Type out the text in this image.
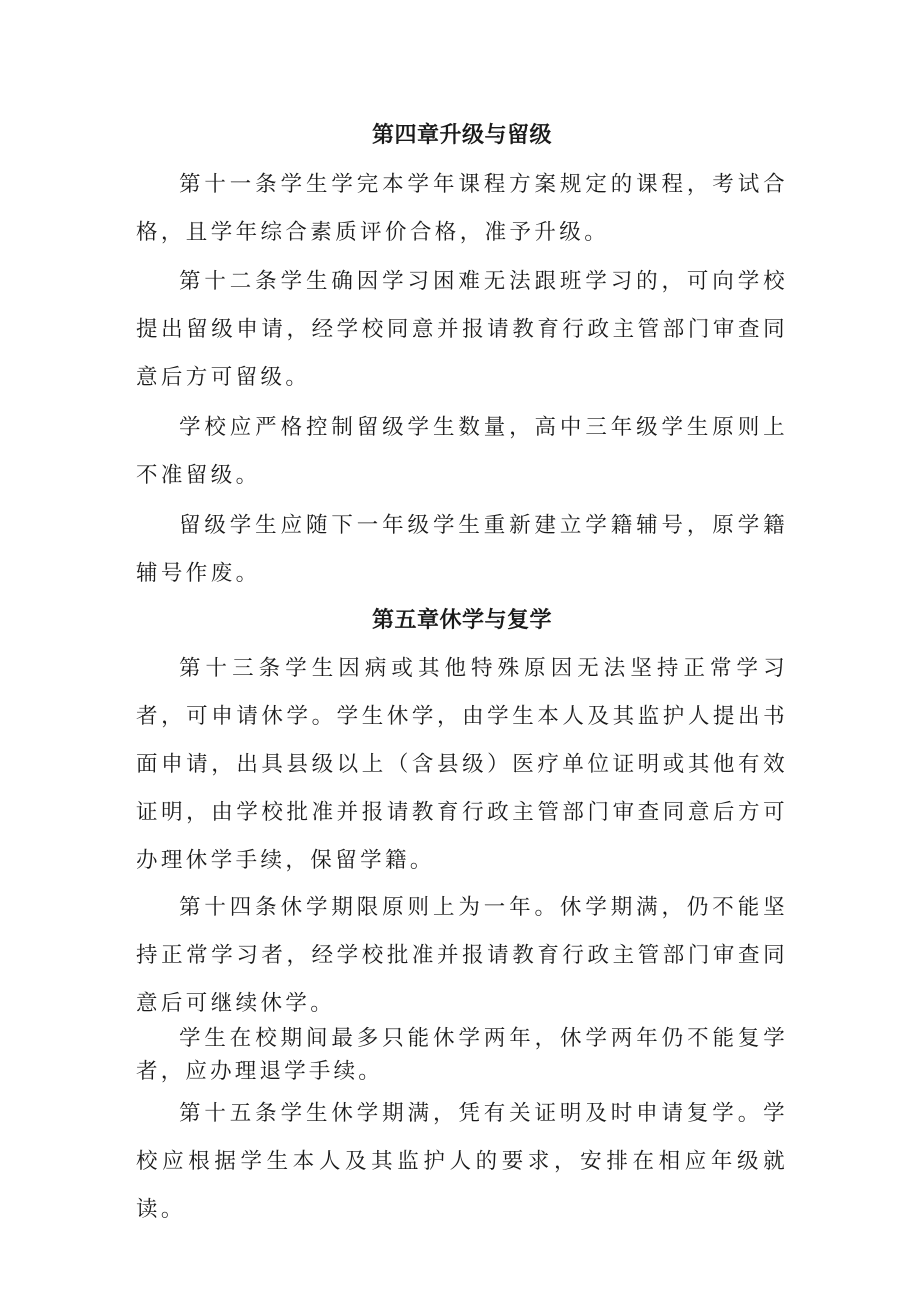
第四章升级与留级

第十一条学生学完本学年课程方案规定的课程，考试合格，且学年综合素质评价合格，准予升级。

第十二条学生确因学习困难无法跟班学习的，可向学校提出留级申请，经学校同意并报请教育行政主管部门审查同意后方可留级。

学校应严格控制留级学生数量，高中三年级学生原则上不准留级。

留级学生应随下一年级学生重新建立学籍辅号，原学籍辅号作废。

第五章休学与复学

第十三条学生因病或其他特殊原因无法坚持正常学习者，可申请休学。学生休学，由学生本人及其监护人提出书面申请，出具县级以上（含县级）医疗单位证明或其他有效证明，由学校批准并报请教育行政主管部门审查同意后方可办理休学手续，保留学籍。

第十四条休学期限原则上为一年。休学期满，仍不能坚持正常学习者，经学校批准并报请教育行政主管部门审查同意后可继续休学。

学生在校期间最多只能休学两年，休学两年仍不能复学者，应办理退学手续。

第十五条学生休学期满，凭有关证明及时申请复学。学校应根据学生本人及其监护人的要求，安排在相应年级就读。
